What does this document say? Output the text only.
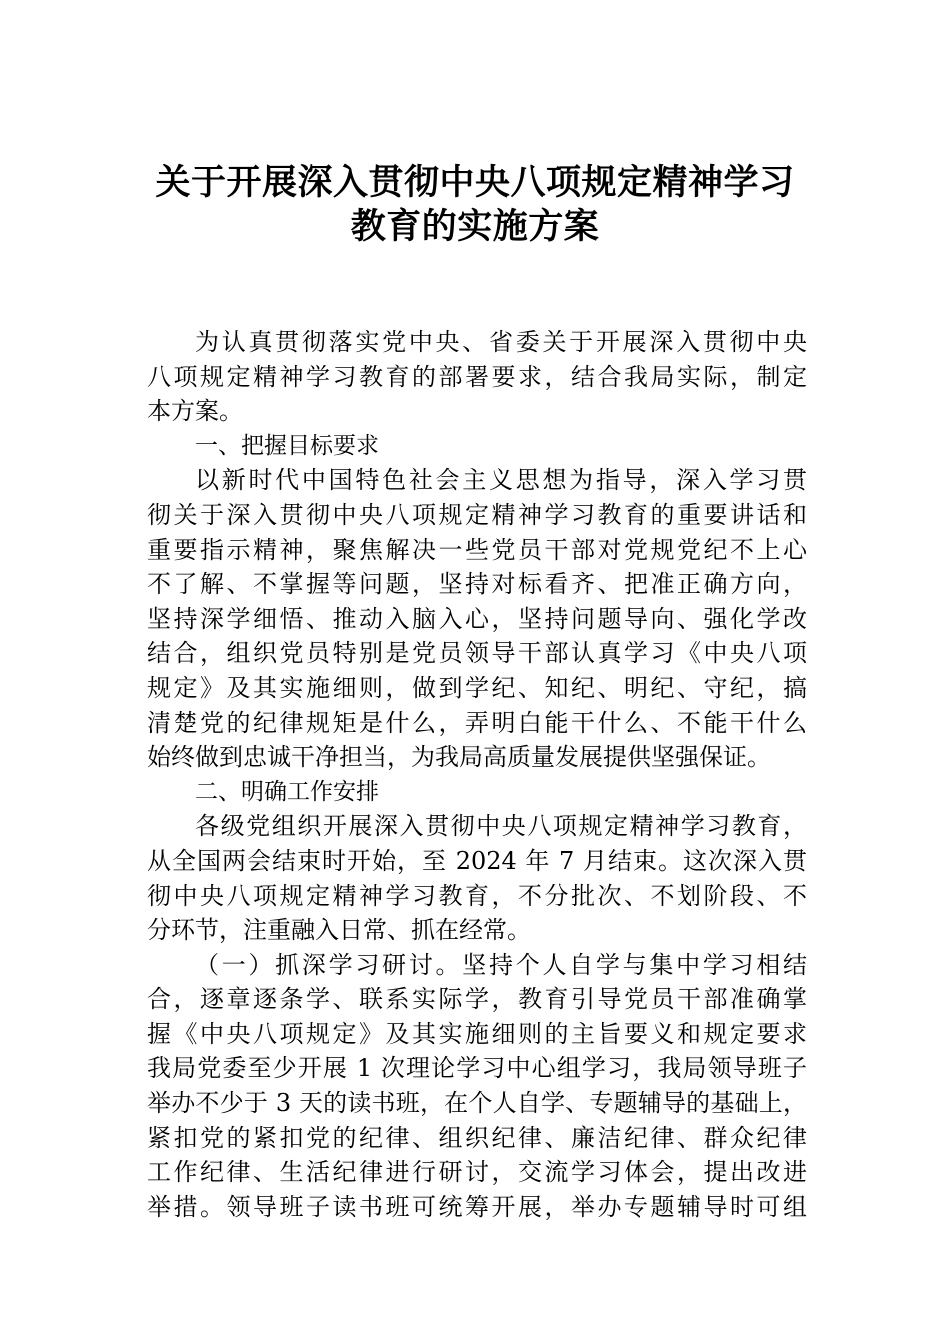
关于开展深入贯彻中央八项规定精神学习
教育的实施方案
为认真贯彻落实党中央、省委关于开展深入贯彻中央
八项规定精神学习教育的部署要求，结合我局实际，制定
本方案。
一、把握目标要求
以新时代中国特色社会主义思想为指导，深入学习贯
彻关于深入贯彻中央八项规定精神学习教育的重要讲话和
重要指示精神，聚焦解决一些党员干部对党规党纪不上心
不了解、不掌握等问题，坚持对标看齐、把准正确方向，
坚持深学细悟、推动入脑入心，坚持问题导向、强化学改
结合，组织党员特别是党员领导干部认真学习《中央八项
规定》及其实施细则，做到学纪、知纪、明纪、守纪，搞
清楚党的纪律规矩是什么，弄明白能干什么、不能干什么
始终做到忠诚干净担当，为我局高质量发展提供坚强保证。
二、明确工作安排
各级党组织开展深入贯彻中央八项规定精神学习教育，
从全国两会结束时开始，至 2024 年 7 月结束。这次深入贯
彻中央八项规定精神学习教育，不分批次、不划阶段、不
分环节，注重融入日常、抓在经常。
（一）抓深学习研讨。坚持个人自学与集中学习相结
合，逐章逐条学、联系实际学，教育引导党员干部准确掌
握《中央八项规定》及其实施细则的主旨要义和规定要求
我局党委至少开展 1 次理论学习中心组学习，我局领导班子
举办不少于 3 天的读书班，在个人自学、专题辅导的基础上，
紧扣党的紧扣党的纪律、组织纪律、廉洁纪律、群众纪律
工作纪律、生活纪律进行研讨，交流学习体会，提出改进
举措。领导班子读书班可统筹开展，举办专题辅导时可组
